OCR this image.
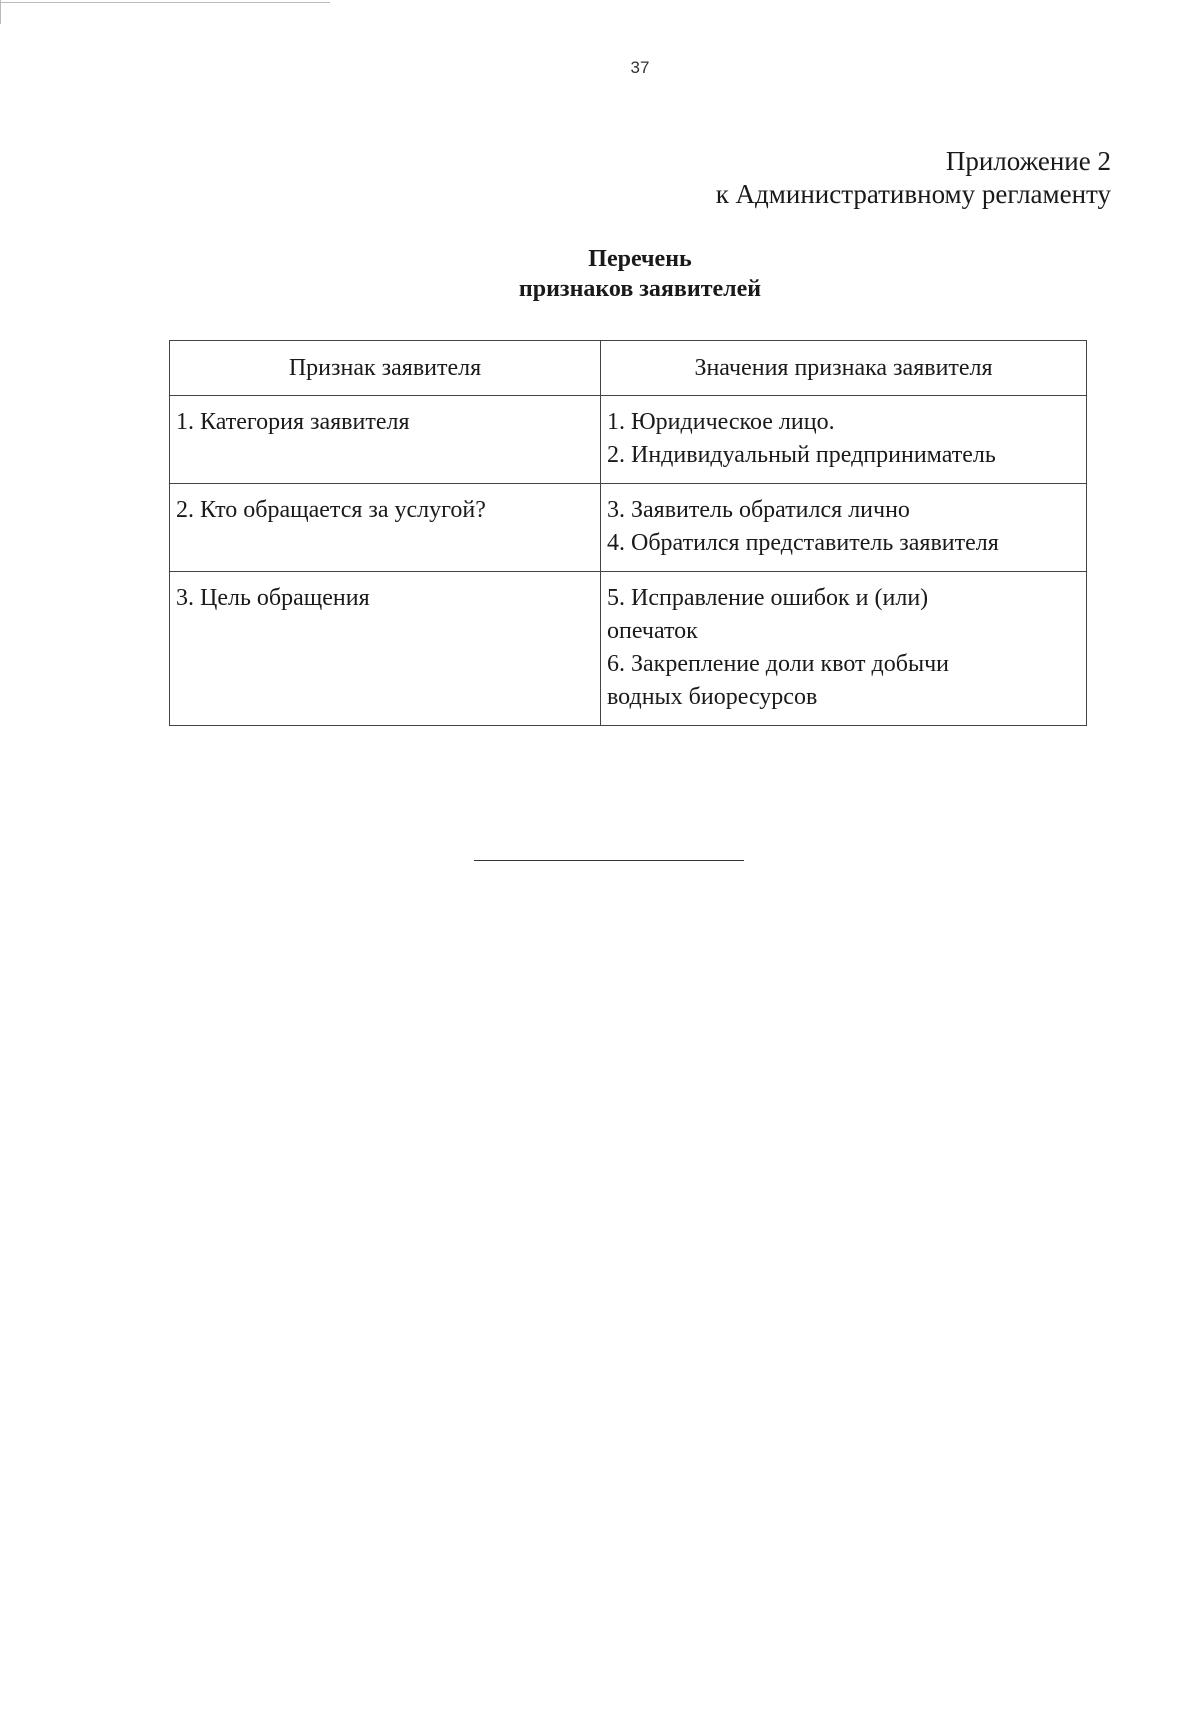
37
Приложение 2
к Административному регламенту
Перечень
признаков заявителей
Признак заявителя	Значения признака заявителя
1. Категория заявителя	1. Юридическое лицо.
2. Индивидуальный предприниматель

2. Кто обращается за услугой?	3. Заявитель обратился лично
4. Обратился представитель заявителя

3. Цель обращения	5. Исправление ошибок и (или)
опечаток
6. Закрепление доли квот добычи
водных биоресурсов
